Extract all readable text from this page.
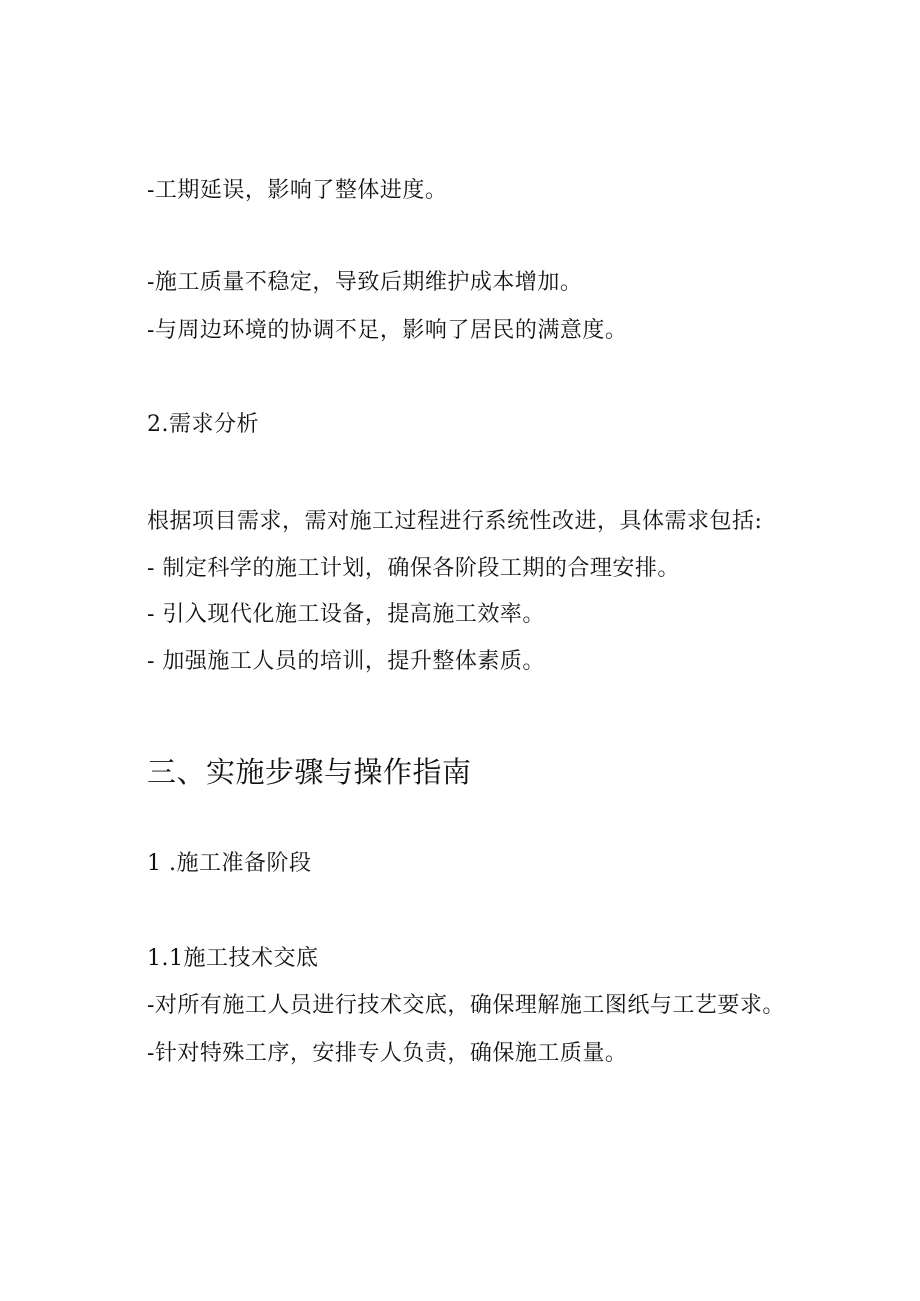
-工期延误，影响了整体进度。

-施工质量不稳定，导致后期维护成本增加。

-与周边环境的协调不足，影响了居民的满意度。

2.需求分析

根据项目需求，需对施工过程进行系统性改进，具体需求包括:

- 制定科学的施工计划，确保各阶段工期的合理安排。

- 引入现代化施工设备，提高施工效率。

- 加强施工人员的培训，提升整体素质。

三、实施步骤与操作指南

1 .施工准备阶段

1.1施工技术交底

-对所有施工人员进行技术交底，确保理解施工图纸与工艺要求。

-针对特殊工序，安排专人负责，确保施工质量。
